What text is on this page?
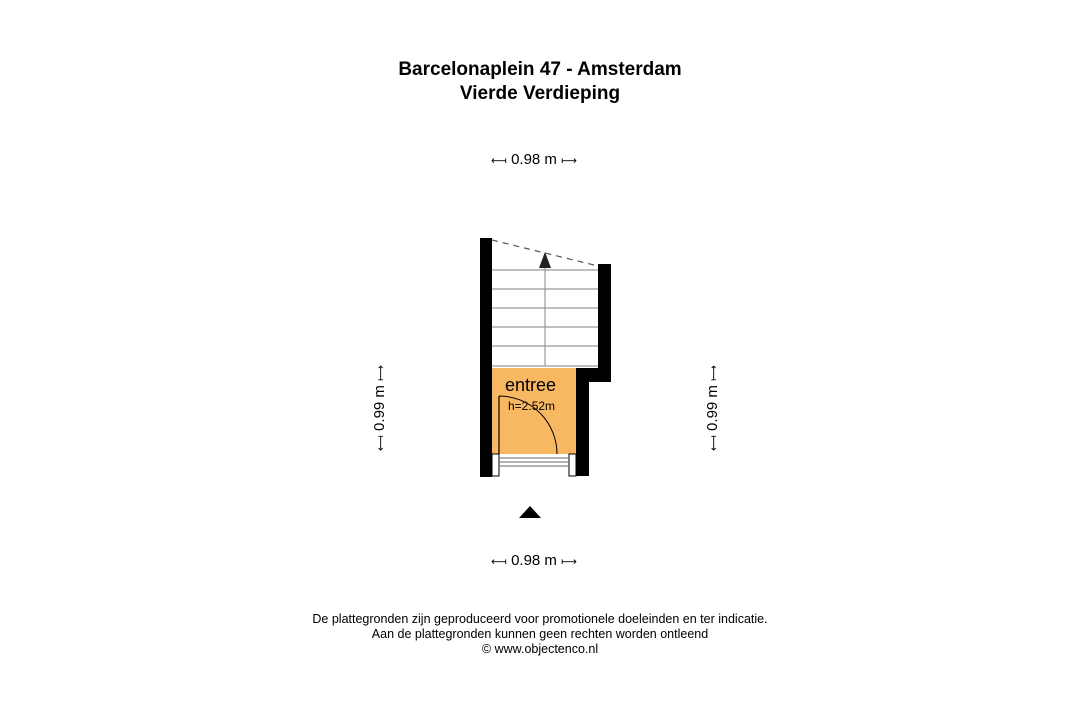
Barcelonaplein 47 - Amsterdam
Vierde Verdieping
⟻ 0.98 m ⟼
⟻ 0.98 m ⟼
⟻ 0.99 m ⟼
⟻ 0.99 m ⟼
entree
h=2.52m
De plattegronden zijn geproduceerd voor promotionele doeleinden en ter indicatie.
Aan de plattegronden kunnen geen rechten worden ontleend
© www.objectenco.nl
